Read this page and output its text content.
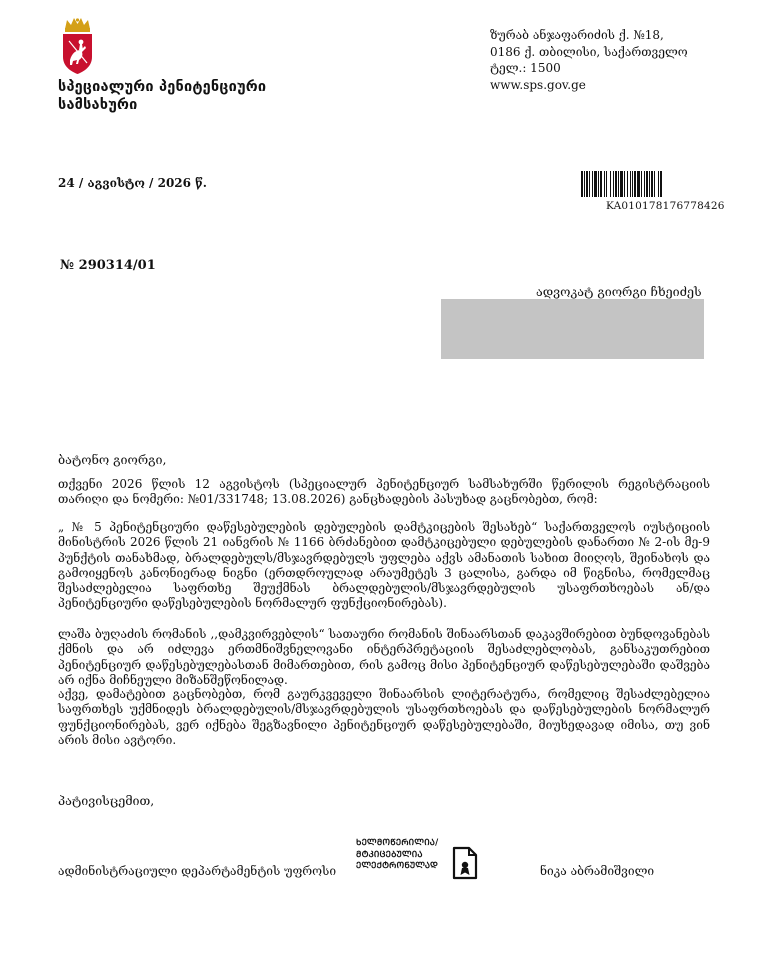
სპეციალური პენიტენციური
სამსახური
ზურაბ ანჯაფარიძის ქ. №18,
0186 ქ. თბილისი, საქართველო
ტელ.: 1500
www.sps.gov.ge
24 / აგვისტო / 2026 წ.
KA010178176778426
№ 290314/01
ადვოკატ გიორგი ჩხეიძეს
ბატონო გიორგი,

თქვენი 2026 წლის 12 აგვისტოს (სპეციალურ პენიტენციურ სამსახურში წერილის რეგისტრაციის თარიღი და ნომერი: №01/331748; 13.08.2026) განცხადების პასუხად გაცნობებთ, რომ:

„ № 5 პენიტენციური დაწესებულების დებულების დამტკიცების შესახებ“ საქართველოს იუსტიციის მინისტრის 2026 წლის 21 იანვრის № 1166 ბრძანებით დამტკიცებული დებულების დანართი № 2-ის მე-9 პუნქტის თანახმად, ბრალდებულს/მსჯავრდებულს უფლება აქვს ამანათის სახით მიიღოს, შეინახოს და გამოიყენოს კანონიერად ნიგნი (ერთდროულად არაუმეტეს 3 ცალისა, გარდა იმ წიგნისა, რომელმაც შესაძლებელია საფრთხე შეუქმნას ბრალდებულის/მსჯავრდებულის უსაფრთხოებას ან/და პენიტენციური დაწესებულების ნორმალურ ფუნქციონირებას).

ლაშა ბუღაძის რომანის ,,დამკვირვებლის“ სათაური რომანის შინაარსთან დაკავშირებით ბუნდოვანებას ქმნის და არ იძლევა ერთმნიშვნელოვანი ინტერპრეტაციის შესაძლებლობას, განსაკუთრებით პენიტენციურ დაწესებულებასთან მიმართებით, რის გამოც მისი პენიტენციურ დაწესებულებაში დაშვება არ იქნა მიჩნეული მიზანშეწონილად.

აქვე, დამატებით გაცნობებთ, რომ გაურკვეველი შინაარსის ლიტერატურა, რომელიც შესაძლებელია საფრთხეს უქმნიდეს ბრალდებულის/მსჯავრდებულის უსაფრთხოებას და დაწესებულების ნორმალურ ფუნქციონირებას, ვერ იქნება შეგზავნილი პენიტენციურ დაწესებულებაში, მიუხედავად იმისა, თუ ვინ არის მისი ავტორი.

პატივისცემით,
ადმინისტრაციული დეპარტამენტის უფროსი
ᲮᲔᲚᲛᲝᲬᲔᲠᲘᲚᲘᲐ/
ᲛᲢᲙᲘᲪᲔᲑᲣᲚᲘᲐ
ᲔᲚᲔᲥᲢᲠᲝᲜᲣᲚᲐᲓ	ნიკა აბრამიშვილი
